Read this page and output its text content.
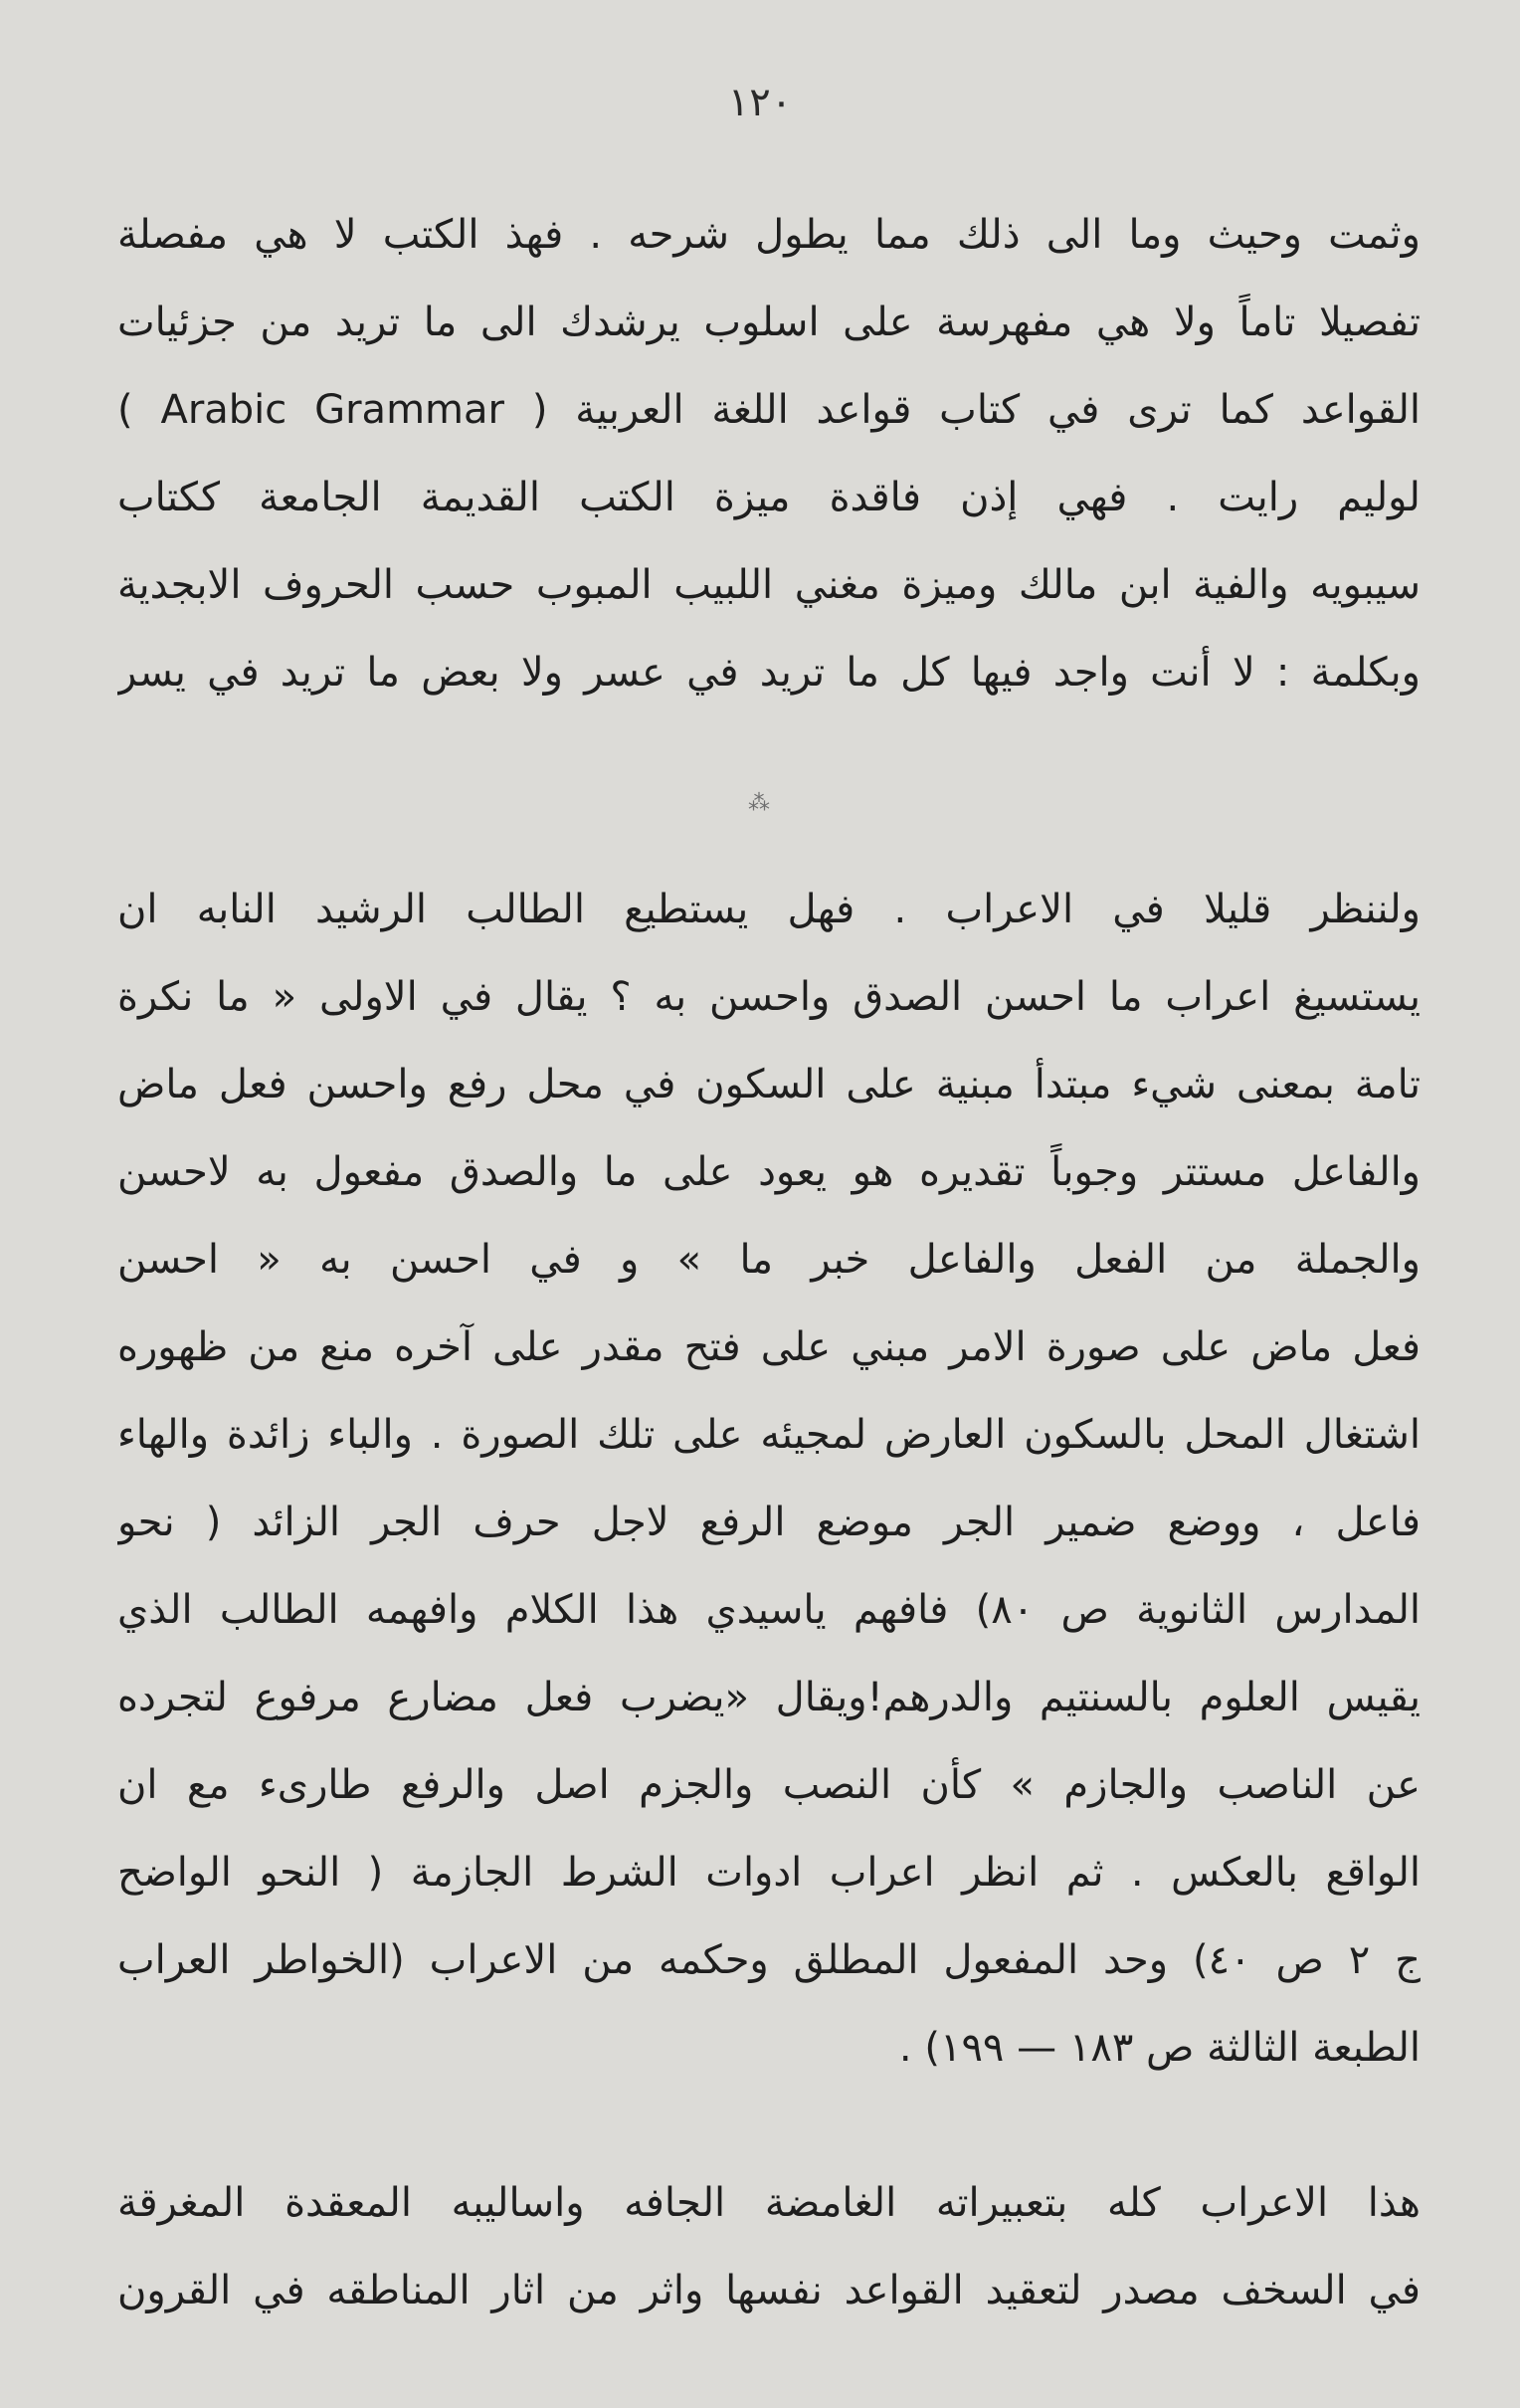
١٢٠
وثمت وحيث وما الى ذلك مما يطول شرحه . فهذ الكتب لا هي مفصلة
تفصيلا تاماً ولا هي مفهرسة على اسلوب يرشدك الى ما تريد من جزئيات
القواعد كما ترى في كتاب قواعد اللغة العربية ( Arabic Grammar )
لوليم رايت . فهي إذن فاقدة ميزة الكتب القديمة الجامعة ككتاب
سيبويه والفية ابن مالك وميزة مغني اللبيب المبوب حسب الحروف الابجدية
وبكلمة : لا أنت واجد فيها كل ما تريد في عسر ولا بعض ما تريد في يسر
⁂
ولننظر قليلا في الاعراب . فهل يستطيع الطالب الرشيد النابه ان
يستسيغ اعراب ما احسن الصدق واحسن به ؟ يقال في الاولى « ما نكرة
تامة بمعنى شيء مبتدأ مبنية على السكون في محل رفع واحسن فعل ماض
والفاعل مستتر وجوباً تقديره هو يعود على ما والصدق مفعول به لاحسن
والجملة من الفعل والفاعل خبر ما » و في احسن به « احسن
فعل ماض على صورة الامر مبني على فتح مقدر على آخره منع من ظهوره
اشتغال المحل بالسكون العارض لمجيئه على تلك الصورة . والباء زائدة والهاء
فاعل ، ووضع ضمير الجر موضع الرفع لاجل حرف الجر الزائد ( نحو
المدارس الثانوية ص ٨٠) فافهم ياسيدي هذا الكلام وافهمه الطالب الذي
يقيس العلوم بالسنتيم والدرهم!ويقال «يضرب فعل مضارع مرفوع لتجرده
عن الناصب والجازم » كأن النصب والجزم اصل والرفع طارىء مع ان
الواقع بالعكس . ثم انظر اعراب ادوات الشرط الجازمة ( النحو الواضح
ج ٢ ص ٤٠) وحد المفعول المطلق وحكمه من الاعراب (الخواطر العراب
الطبعة الثالثة ص ١٨٣ — ١٩٩) .
هذا الاعراب كله بتعبيراته الغامضة الجافه واساليبه المعقدة المغرقة
في السخف مصدر لتعقيد القواعد نفسها واثر من اثار المناطقه في القرون
